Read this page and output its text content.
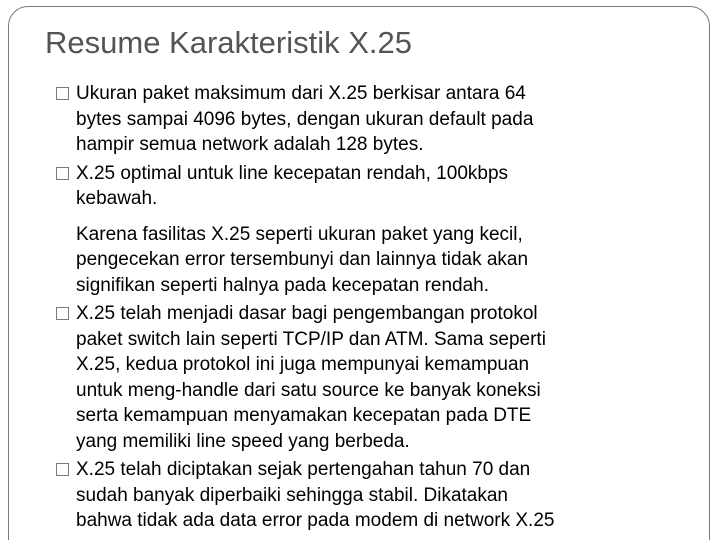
Resume Karakteristik X.25

Ukuran paket maksimum dari X.25 berkisar antara 64
bytes sampai 4096 bytes, dengan ukuran default pada
hampir semua network adalah 128 bytes.

X.25 optimal untuk line kecepatan rendah, 100kbps
kebawah.

Karena fasilitas X.25 seperti ukuran paket yang kecil,
pengecekan error tersembunyi dan lainnya tidak akan
signifikan seperti halnya pada kecepatan rendah.

X.25 telah menjadi dasar bagi pengembangan protokol
paket switch lain seperti TCP/IP dan ATM. Sama seperti
X.25, kedua protokol ini juga mempunyai kemampuan
untuk meng-handle dari satu source ke banyak koneksi
serta kemampuan menyamakan kecepatan pada DTE
yang memiliki line speed yang berbeda.

X.25 telah diciptakan sejak pertengahan tahun 70 dan
sudah banyak diperbaiki sehingga stabil. Dikatakan
bahwa tidak ada data error pada modem di network X.25
